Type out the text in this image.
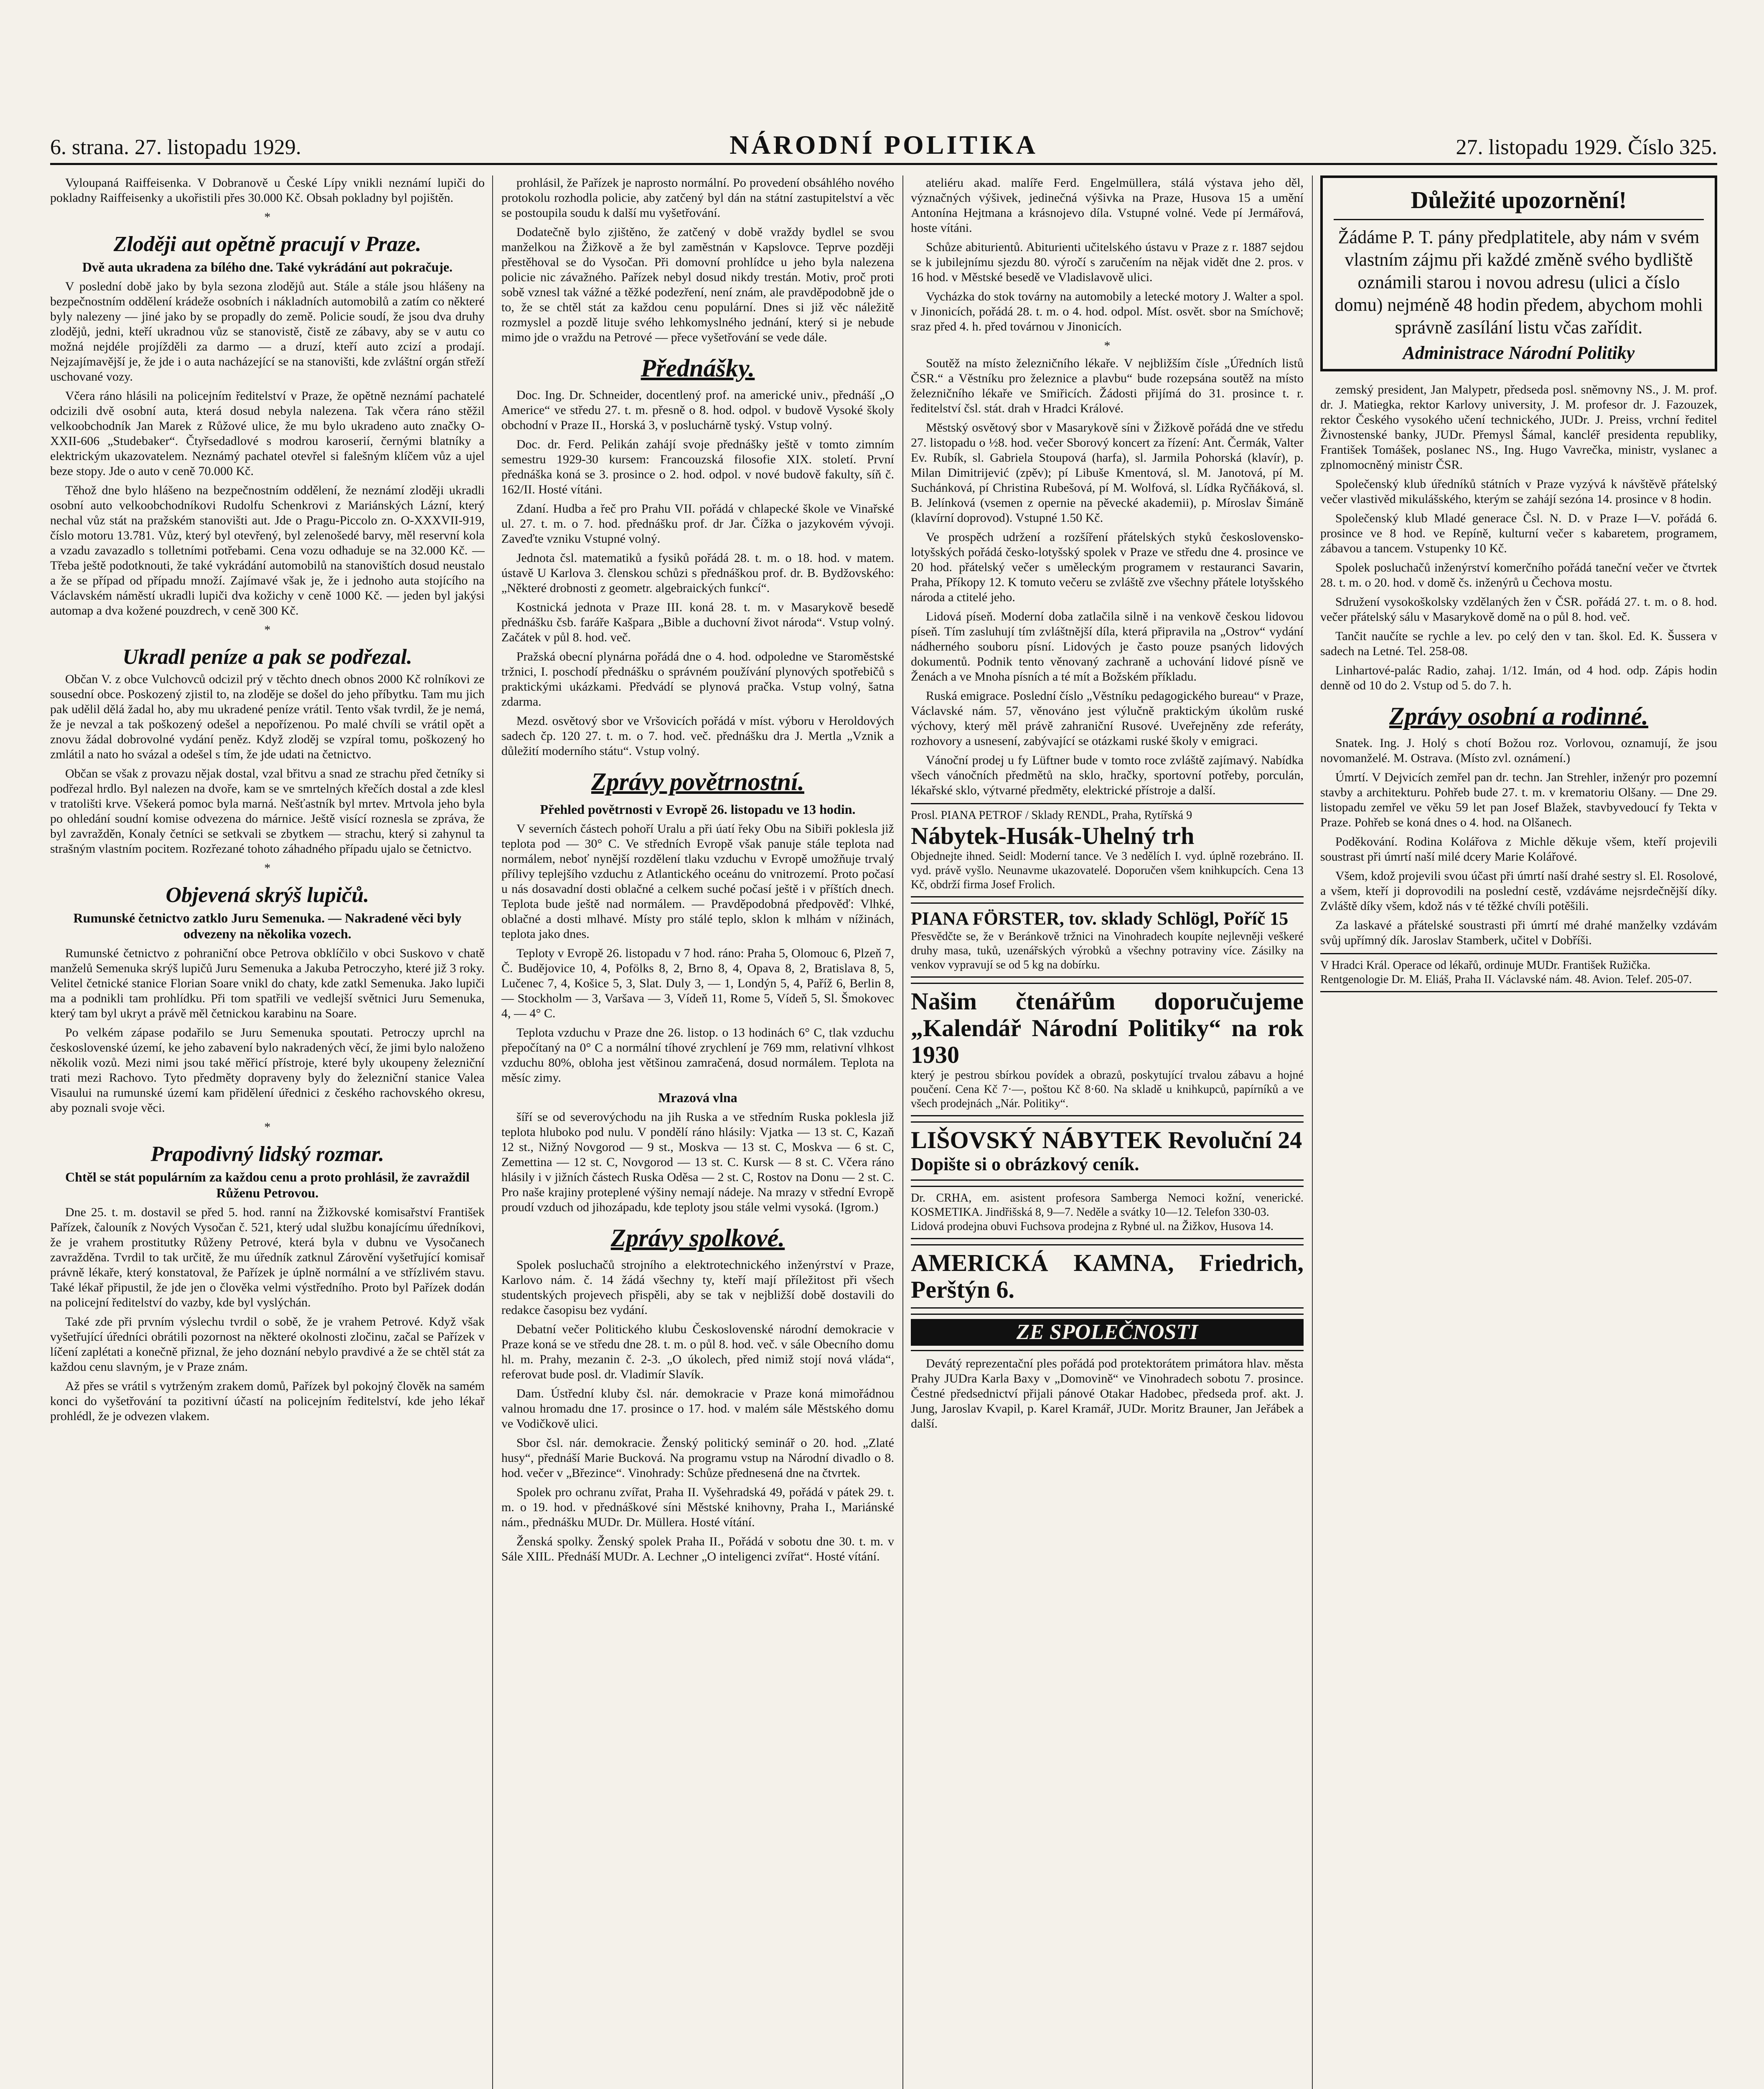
6. strana. 27. listopadu 1929.	NÁRODNÍ POLITIKA	27. listopadu 1929. Číslo 325.

Vyloupaná Raiffeisenka. V Dobranově u České Lípy vnikli neznámí lupiči do pokladny Raiffeisenky a ukořistili přes 30.000 Kč. Obsah pokladny byl pojištěn.

*
Zloději aut opětně pracují v Praze.
Dvě auta ukradena za bílého dne. Také vykrádání aut pokračuje.

V poslední době jako by byla sezona zlodějů aut. Stále a stále jsou hlášeny na bezpečnostním oddělení krádeže osobních i nákladních automobilů a zatím co některé byly nalezeny — jiné jako by se propadly do země. Policie soudí, že jsou dva druhy zlodějů, jedni, kteří ukradnou vůz se stanovistě, čistě ze zábavy, aby se v autu co možná nejdéle projížděli za darmo — a druzí, kteří auto zcizí a prodají. Nejzajímavější je, že jde i o auta nacházející se na stanovišti, kde zvláštní orgán střeží uschované vozy.

Včera ráno hlásili na policejním ředitelství v Praze, že opětně neznámí pachatelé odcizili dvě osobní auta, která dosud nebyla nalezena. Tak včera ráno stěžil velkoobchodník Jan Marek z Růžové ulice, že mu bylo ukradeno auto značky O-XXII-606 „Studebaker“. Čtyřsedadlové s modrou karoserií, černými blatníky a elektrickým ukazovatelem. Neznámý pachatel otevřel si falešným klíčem vůz a ujel beze stopy. Jde o auto v ceně 70.000 Kč.

Těhož dne bylo hlášeno na bezpečnostním oddělení, že neznámí zloději ukradli osobní auto velkoobchodníkovi Rudolfu Schenkrovi z Mariánských Lázní, který nechal vůz stát na pražském stanovišti aut. Jde o Pragu-Piccolo zn. O-XXXVII-919, číslo motoru 13.781. Vůz, který byl otevřený, byl zelenošedé barvy, měl reservní kola a vzadu zavazadlo s tolletními potřebami. Cena vozu odhaduje se na 32.000 Kč. — Třeba ještě podotknouti, že také vykrádání automobilů na stanovištích dosud neustalo a že se případ od případu množí. Zajímavé však je, že i jednoho auta stojícího na Václavském náměstí ukradli lupiči dva kožichy v ceně 1000 Kč. — jeden byl jakýsi automap a dva kožené pouzdrech, v ceně 300 Kč.

*
Ukradl peníze a pak se podřezal.

Občan V. z obce Vulchovců odcizil prý v těchto dnech obnos 2000 Kč rolníkovi ze sousední obce. Poskozený zjistil to, na zloděje se došel do jeho příbytku. Tam mu jich pak udělil dělá žadal ho, aby mu ukradené peníze vrátil. Tento však tvrdil, že je nemá, že je nevzal a tak poškozený odešel a nepořízenou. Po malé chvíli se vrátil opět a znovu žádal dobrovolné vydání peněz. Když zloděj se vzpíral tomu, poškozený ho zmlátil a nato ho svázal a odešel s tím, že jde udati na četnictvo.

Občan se však z provazu nějak dostal, vzal břitvu a snad ze strachu před četníky si podřezal hrdlo. Byl nalezen na dvoře, kam se ve smrtelných křečích dostal a zde klesl v tratolišti krve. Všekerá pomoc byla marná. Nešťastník byl mrtev. Mrtvola jeho byla po ohledání soudní komise odvezena do márnice. Ještě visící roznesla se zpráva, že byl zavražděn, Konaly četníci se setkvali se zbytkem — strachu, který si zahynul ta strašným vlastním pocitem. Rozřezané tohoto záhadného případu ujalo se četnictvo.

*
Objevená skrýš lupičů.
Rumunské četnictvo zatklo Juru Semenuka. — Nakradené věci byly odvezeny na několika vozech.

Rumunské četnictvo z pohraniční obce Petrova obklíčilo v obci Suskovo v chatě manželů Semenuka skrýš lupičů Juru Semenuka a Jakuba Petroczyho, které již 3 roky. Velitel četnické stanice Florian Soare vnikl do chaty, kde zatkl Semenuka. Jako lupiči ma a podnikli tam prohlídku. Při tom spatřili ve vedlejší světnici Juru Semenuka, který tam byl ukryt a právě měl četnickou karabinu na Soare.

Po velkém zápase podařilo se Juru Semenuka spoutati. Petroczy uprchl na československé území, ke jeho zabavení bylo nakradených věcí, že jimi bylo naloženo několik vozů. Mezi nimi jsou také měřicí přístroje, které byly ukoupeny železniční trati mezi Rachovo. Tyto předměty dopraveny byly do železniční stanice Valea Visaului na rumunské území kam přidělení úřednici z českého rachovského okresu, aby poznali svoje věci.

*
Prapodivný lidský rozmar.
Chtěl se stát populárním za každou cenu a proto prohlásil, že zavraždil Růženu Petrovou.

Dne 25. t. m. dostavil se před 5. hod. ranní na Žižkovské komisařství František Pařízek, čalouník z Nových Vysočan č. 521, který udal službu konajícímu úředníkovi, že je vrahem prostitutky Růženy Petrové, která byla v dubnu ve Vysočanech zavražděna. Tvrdil to tak určitě, že mu úředník zatknul Zárovění vyšetřující komisař právně lékaře, který konstatoval, že Pařízek je úplně normální a ve střízlivém stavu. Také lékař připustil, že jde jen o člověka velmi výstředního. Proto byl Pařízek dodán na policejní ředitelství do vazby, kde byl vyslýchán.

Také zde při prvním výslechu tvrdil o sobě, že je vrahem Petrové. Když však vyšetřující úředníci obrátili pozornost na některé okolnosti zločinu, začal se Pařízek v líčení zaplétati a konečně přiznal, že jeho doznání nebylo pravdivé a že se chtěl stát za každou cenu slavným, je v Praze znám.

Až přes se vrátil s vytrženým zrakem domů, Pařízek byl pokojný člověk na samém konci do vyšetřování ta pozitivní účastí na policejním ředitelství, kde jeho lékař prohlédl, že je odvezen vlakem.

prohlásil, že Pařízek je naprosto normální. Po provedení obsáhlého nového protokolu rozhodla policie, aby zatčený byl dán na státní zastupitelství a věc se postoupila soudu k další mu vyšetřování.

Dodatečně bylo zjištěno, že zatčený v době vraždy bydlel se svou manželkou na Žižkově a že byl zaměstnán v Kapslovce. Teprve později přestěhoval se do Vysočan. Při domovní prohlídce u jeho byla nalezena policie nic závažného. Pařízek nebyl dosud nikdy trestán. Motiv, proč proti sobě vznesl tak vážné a těžké podezření, není znám, ale pravděpodobně jde o to, že se chtěl stát za každou cenu populární. Dnes si již věc náležitě rozmyslel a pozdě lituje svého lehkomyslného jednání, který si je nebude mimo jde o vraždu na Petrové — přece vyšetřování se vede dále.

Přednášky.

Doc. Ing. Dr. Schneider, docentlený prof. na americké univ., přednáší „O Americe“ ve středu 27. t. m. přesně o 8. hod. odpol. v budově Vysoké školy obchodní v Praze II., Horská 3, v posluchárně tyský. Vstup volný.

Doc. dr. Ferd. Pelikán zahájí svoje přednášky ještě v tomto zimním semestru 1929-30 kursem: Francouzská filosofie XIX. století. První přednáška koná se 3. prosince o 2. hod. odpol. v nové budově fakulty, síň č. 162/II. Hosté vítáni.

Zdaní. Hudba a řeč pro Prahu VII. pořádá v chlapecké škole ve Vinařské ul. 27. t. m. o 7. hod. přednášku prof. dr Jar. Čížka o jazykovém vývoji. Zaveďte vzniku Vstupné volný.

Jednota čsl. matematiků a fysiků pořádá 28. t. m. o 18. hod. v matem. ústavě U Karlova 3. členskou schůzi s přednáškou prof. dr. B. Bydžovského: „Některé drobnosti z geometr. algebraických funkcí“.

Kostnická jednota v Praze III. koná 28. t. m. v Masarykově besedě přednášku čsb. faráře Kašpara „Bible a duchovní život národa“. Vstup volný. Začátek v půl 8. hod. več.

Pražská obecní plynárna pořádá dne o 4. hod. odpoledne ve Staroměstské tržnici, I. poschodí přednášku o správném používání plynových spotřebičů s praktickými ukázkami. Předvádí se plynová pračka. Vstup volný, šatna zdarma.

Mezd. osvětový sbor ve Vršovicích pořádá v míst. výboru v Heroldových sadech čp. 120 27. t. m. o 7. hod. več. přednášku dra J. Mertla „Vznik a důležití moderního státu“. Vstup volný.

Zprávy povětrnostní.
Přehled povětrnosti v Evropě 26. listopadu ve 13 hodin.

V severních částech pohoří Uralu a při úatí řeky Obu na Sibiři poklesla již teplota pod — 30° C. Ve středních Evropě však panuje stále teplota nad normálem, neboť nynější rozdělení tlaku vzduchu v Evropě umožňuje trvalý přílivy teplejšího vzduchu z Atlantického oceánu do vnitrozemí. Proto počasí u nás dosavadní dosti oblačné a celkem suché počasí ještě i v příštích dnech. Teplota bude ještě nad normálem. — Pravděpodobná předpověď: Vlhké, oblačné a dosti mlhavé. Místy pro stálé teplo, sklon k mlhám v nížinách, teplota jako dnes.

Teploty v Evropě 26. listopadu v 7 hod. ráno: Praha 5, Olomouc 6, Plzeň 7, Č. Budějovice 10, 4, Pofölks 8, 2, Brno 8, 4, Opava 8, 2, Bratislava 8, 5, Lučenec 7, 4, Košice 5, 3, Slat. Duly 3, — 1, Londýn 5, 4, Paříž 6, Berlin 8, — Stockholm — 3, Varšava — 3, Vídeň 11, Rome 5, Vídeň 5, Sl. Šmokovec 4, — 4° C.

Teplota vzduchu v Praze dne 26. listop. o 13 hodinách 6° C, tlak vzduchu přepočítaný na 0° C a normální tíhové zrychlení je 769 mm, relativní vlhkost vzduchu 80%, obloha jest většinou zamračená, dosud normálem. Teplota na měsíc zimy.

Mrazová vlna

šíří se od severovýchodu na jih Ruska a ve středním Ruska poklesla již teplota hluboko pod nulu. V pondělí ráno hlásily: Vjatka — 13 st. C, Kazaň 12 st., Nižný Novgorod — 9 st., Moskva — 13 st. C, Moskva — 6 st. C, Zemettina — 12 st. C, Novgorod — 13 st. C. Kursk — 8 st. C. Včera ráno hlásily i v jižních částech Ruska Oděsa — 2 st. C, Rostov na Donu — 2 st. C. Pro naše krajiny proteplené výšiny nemají nádeje. Na mrazy v střední Evropě proudí vzduch od jihozápadu, kde teploty jsou stále velmi vysoká. (Igrom.)

Zprávy spolkové.

Spolek posluchačů strojního a elektrotechnického inženýrství v Praze, Karlovo nám. č. 14 žádá všechny ty, kteří mají příležitost při všech studentských projevech přispěli, aby se tak v nejbližší době dostavili do redakce časopisu bez vydání.

Debatní večer Politického klubu Československé národní demokracie v Praze koná se ve středu dne 28. t. m. o půl 8. hod. več. v sále Obecního domu hl. m. Prahy, mezanin č. 2-3. „O úkolech, před nimiž stojí nová vláda“, referovat bude posl. dr. Vladimír Slavík.

Dam. Ústřední kluby čsl. nár. demokracie v Praze koná mimořádnou valnou hromadu dne 17. prosince o 17. hod. v malém sále Městského domu ve Vodičkově ulici.

Sbor čsl. nár. demokracie. Ženský politický seminář o 20. hod. „Zlaté husy“, přednáší Marie Bucková. Na programu vstup na Národní divadlo o 8. hod. večer v „Březince“. Vinohrady: Schůze přednesená dne na čtvrtek.

Spolek pro ochranu zvířat, Praha II. Vyšehradská 49, pořádá v pátek 29. t. m. o 19. hod. v přednáškové síni Městské knihovny, Praha I., Mariánské nám., přednášku MUDr. Dr. Müllera. Hosté vítání.

Ženská spolky. Ženský spolek Praha II., Pořádá v sobotu dne 30. t. m. v Sále XIIL. Přednáší MUDr. A. Lechner „O inteligenci zvířat“. Hosté vítání.

ateliéru akad. malíře Ferd. Engelmüllera, stálá výstava jeho děl, význačných výšivek, jedinečná výšivka na Praze, Husova 15 a umění Antonína Hejtmana a krásnojevo díla. Vstupné volné. Vede pí Jermářová, hoste vítáni.

Schůze abiturientů. Abiturienti učitelského ústavu v Praze z r. 1887 sejdou se k jubilejnímu sjezdu 80. výročí s zaručením na nějak vidět dne 2. pros. v 16 hod. v Městské besedě ve Vladislavově ulici.

Vycházka do stok továrny na automobily a letecké motory J. Walter a spol. v Jinonicích, pořádá 28. t. m. o 4. hod. odpol. Míst. osvět. sbor na Smíchově; sraz před 4. h. před továrnou v Jinonicích.

*

Soutěž na místo železničního lékaře. V nejbližším čísle „Úředních listů ČSR.“ a Věstníku pro železnice a plavbu“ bude rozepsána soutěž na místo železničního lékaře ve Smiřicích. Žádosti přijímá do 31. prosince t. r. ředitelství čsl. stát. drah v Hradci Králové.

Městský osvětový sbor v Masarykově síni v Žižkově pořádá dne ve středu 27. listopadu o ½8. hod. večer Sborový koncert za řízení: Ant. Čermák, Valter Ev. Rubík, sl. Gabriela Stoupová (harfa), sl. Jarmila Pohorská (klavír), p. Milan Dimitrijević (zpěv); pí Libuše Kmentová, sl. M. Janotová, pí M. Suchánková, pí Christina Rubešová, pí M. Wolfová, sl. Lídka Ryčňáková, sl. B. Jelínková (vsemen z opernie na pěvecké akademii), p. Míroslav Šimáně (klavírní doprovod). Vstupné 1.50 Kč.

Ve prospěch udržení a rozšíření přátelských styků československo-lotyšských pořádá česko-lotyšský spolek v Praze ve středu dne 4. prosince ve 20 hod. přátelský večer s uměleckým programem v restauranci Savarin, Praha, Příkopy 12. K tomuto večeru se zvláště zve všechny přátele lotyšského národa a ctitelé jeho.

Lidová píseň. Moderní doba zatlačila silně i na venkově českou lidovou píseň. Tím zasluhují tím zvláštnější díla, která připravila na „Ostrov“ vydání nádherného souboru písní. Lidových je často pouze psaných lidových dokumentů. Podnik tento věnovaný zachraně a uchování lidové písně ve Ženách a ve Mnoha písních a té mít a Božském příkladu.

Ruská emigrace. Poslední číslo „Věstníku pedagogického bureau“ v Praze, Václavské nám. 57, věnováno jest výlučně praktickým úkolům ruské výchovy, který měl právě zahraniční Rusové. Uveřejněny zde referáty, rozhovory a usnesení, zabývající se otázkami ruské školy v emigraci.

Vánoční prodej u fy Lüftner bude v tomto roce zvláště zajímavý. Nabídka všech vánočních předmětů na sklo, hračky, sportovní potřeby, porculán, lékařské sklo, výtvarné předměty, elektrické přístroje a další.

Prosl. PIANA PETROF / Sklady RENDL, Praha, Rytířská 9
Nábytek-Husák-Uhelný trh
Objednejte ihned. Seidl: Moderní tance. Ve 3 nedělích I. vyd. úplně rozebráno. II. vyd. právě vyšlo. Neunavme ukazovatelé. Doporučen všem knihkupcích. Cena 13 Kč, obdrží firma Josef Frolich.
PIANA FÖRSTER, tov. sklady Schlögl, Poříč 15
Přesvědčte se, že v Beránkově tržnici na Vinohradech koupíte nejlevněji veškeré druhy masa, tuků, uzenářských výrobků a všechny potraviny více. Zásilky na venkov vypravují se od 5 kg na dobírku.
Našim čtenářům doporučujeme „Kalendář Národní Politiky“ na rok 1930
který je pestrou sbírkou povídek a obrazů, poskytující trvalou zábavu a hojné poučení. Cena Kč 7·—, poštou Kč 8·60. Na skladě u knihkupců, papírníků a ve všech prodejnách „Nár. Politiky“.
LIŠOVSKÝ NÁBYTEK Revoluční 24
Dopište si o obrázkový ceník.
Dr. CRHA, em. asistent profesora Samberga Nemoci kožní, venerické. KOSMETIKA. Jindřišská 8, 9—7. Neděle a svátky 10—12. Telefon 330-03.
Lidová prodejna obuvi Fuchsova prodejna z Rybné ul. na Žižkov, Husova 14.
AMERICKÁ KAMNA, Friedrich, Perštýn 6.
ZE SPOLEČNOSTI

Devátý reprezentační ples pořádá pod protektorátem primátora hlav. města Prahy JUDra Karla Baxy v „Domovině“ ve Vinohradech sobotu 7. prosince. Čestné předsednictví přijali pánové Otakar Hadobec, předseda prof. akt. J. Jung, Jaroslav Kvapil, p. Karel Kramář, JUDr. Moritz Brauner, Jan Jeřábek a další.

Důležité upozornění!
Žádáme P. T. pány předplatitele, aby nám v svém vlastním zájmu při každé změně svého bydliště oznámili starou i novou adresu (ulici a číslo domu) nejméně 48 hodin předem, abychom mohli správně zasílání listu včas zařídit.
Administrace Národní Politiky

zemský president, Jan Malypetr, předseda posl. sněmovny NS., J. M. prof. dr. J. Matiegka, rektor Karlovy university, J. M. profesor dr. J. Fazouzek, rektor Českého vysokého učení technického, JUDr. J. Preiss, vrchní ředitel Živnostenské banky, JUDr. Přemysl Šámal, kancléř presidenta republiky, František Tomášek, poslanec NS., Ing. Hugo Vavrečka, ministr, vyslanec a zplnomocněný ministr ČSR.

Společenský klub úředníků státních v Praze vyzývá k návštěvě přátelský večer vlastivěd mikulášského, kterým se zahájí sezóna 14. prosince v 8 hodin.

Společenský klub Mladé generace Čsl. N. D. v Praze I—V. pořádá 6. prosince ve 8 hod. ve Repíně, kulturní večer s kabaretem, programem, zábavou a tancem. Vstupenky 10 Kč.

Spolek posluchačů inženýrství komerčního pořádá taneční večer ve čtvrtek 28. t. m. o 20. hod. v domě čs. inženýrů u Čechova mostu.

Sdružení vysokoškolsky vzdělaných žen v ČSR. pořádá 27. t. m. o 8. hod. večer přátelský sálu v Masarykově domě na o půl 8. hod. več.

Tančit naučíte se rychle a lev. po celý den v tan. škol. Ed. K. Šusserа v sadech na Letné. Tel. 258-08.

Linhartové-palác Radio, zahaj. 1/12. Imán, od 4 hod. odp. Zápis hodin denně od 10 do 2. Vstup od 5. do 7. h.

Zprávy osobní a rodinné.

Snatek. Ing. J. Holý s chotí Božou roz. Vorlovou, oznamují, že jsou novomanželé. M. Ostrava. (Místo zvl. oznámení.)

Úmrtí. V Dejvicích zemřel pan dr. techn. Jan Strehler, inženýr pro pozemní stavby a architekturu. Pohřeb bude 27. t. m. v krematoriu Olšany. — Dne 29. listopadu zemřel ve věku 59 let pan Josef Blažek, stavbyvedoucí fy Tekta v Praze. Pohřeb se koná dnes o 4. hod. na Olšanech.

Poděkování. Rodina Kolářova z Michle děkuje všem, kteří projevili soustrast při úmrtí naší milé dcery Marie Kolářové.

Všem, kdož projevili svou účast při úmrtí naší drahé sestry sl. El. Rosolové, a všem, kteří ji doprovodili na poslední cestě, vzdáváme nejsrdečnější díky. Zvláště díky všem, kdož nás v té těžké chvíli potěšili.

Za laskavé a přátelské soustrasti při úmrtí mé drahé manželky vzdávám svůj upřímný dík. Jaroslav Stamberk, učitel v Dobříši.

V Hradci Král. Operace od lékařů, ordinuje MUDr. František Ružička.
Rentgenologie Dr. M. Eliáš, Praha II. Václavské nám. 48. Avion. Telef. 205-07.
